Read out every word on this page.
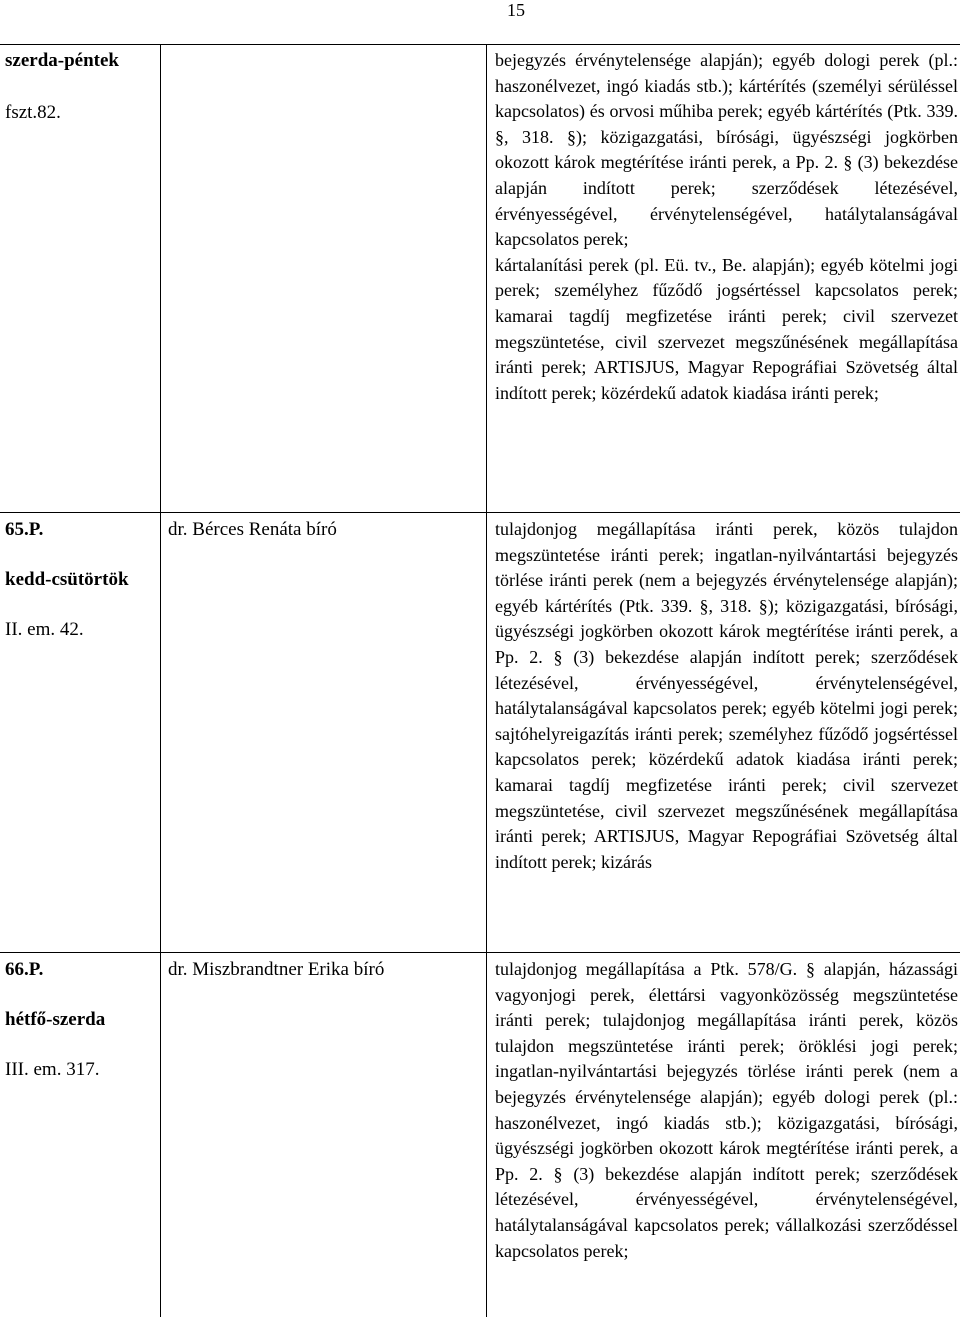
15
szerda-péntek
fszt.82.

bejegyzés érvénytelensége alapján); egyéb dologi perek (pl.: haszonélvezet, ingó kiadás stb.); kártérítés (személyi sérüléssel kapcsolatos) és orvosi műhiba perek; egyéb kártérítés (Ptk. 339. §, 318. §); közigazgatási, bírósági, ügyészségi jogkörben okozott károk megtérítése iránti perek, a Pp. 2. § (3) bekezdése alapján indított perek; szerződések létezésével, érvényességével, érvénytelenségével, hatálytalanságával kapcsolatos perek;

kártalanítási perek (pl. Eü. tv., Be. alapján); egyéb kötelmi jogi perek; személyhez fűződő jogsértéssel kapcsolatos perek; kamarai tagdíj megfizetése iránti perek; civil szervezet megszüntetése, civil szervezet megszűnésének megállapítása iránti perek; ARTISJUS, Magyar Repográfiai Szövetség által indított perek; közérdekű adatok kiadása iránti perek;

65.P.
kedd-csütörtök
II. em. 42.
dr. Bérces Renáta bíró	tulajdonjog megállapítása iránti perek, közös tulajdon megszüntetése iránti perek; ingatlan-nyilvántartási bejegyzés törlése iránti perek (nem a bejegyzés érvénytelensége alapján); egyéb kártérítés (Ptk. 339. §, 318. §); közigazgatási, bírósági, ügyészségi jogkörben okozott károk megtérítése iránti perek, a Pp. 2. § (3) bekezdése alapján indított perek; szerződések létezésével, érvényességével, érvénytelenségével, hatálytalanságával kapcsolatos perek; egyéb kötelmi jogi perek; sajtóhelyreigazítás iránti perek; személyhez fűződő jogsértéssel kapcsolatos perek; közérdekű adatok kiadása iránti perek; kamarai tagdíj megfizetése iránti perek; civil szervezet megszüntetése, civil szervezet megszűnésének megállapítása iránti perek; ARTISJUS, Magyar Repográfiai Szövetség által indított perek; kizárás

66.P.
hétfő-szerda
III. em. 317.
dr. Miszbrandtner Erika bíró	tulajdonjog megállapítása a Ptk. 578/G. § alapján, házassági vagyonjogi perek, élettársi vagyonközösség megszüntetése iránti perek; tulajdonjog megállapítása iránti perek, közös tulajdon megszüntetése iránti perek; öröklési jogi perek; ingatlan-nyilvántartási bejegyzés törlése iránti perek (nem a bejegyzés érvénytelensége alapján); egyéb dologi perek (pl.: haszonélvezet, ingó kiadás stb.); közigazgatási, bírósági, ügyészségi jogkörben okozott károk megtérítése iránti perek, a Pp. 2. § (3) bekezdése alapján indított perek; szerződések létezésével, érvényességével, érvénytelenségével, hatálytalanságával kapcsolatos perek; vállalkozási szerződéssel kapcsolatos perek;
